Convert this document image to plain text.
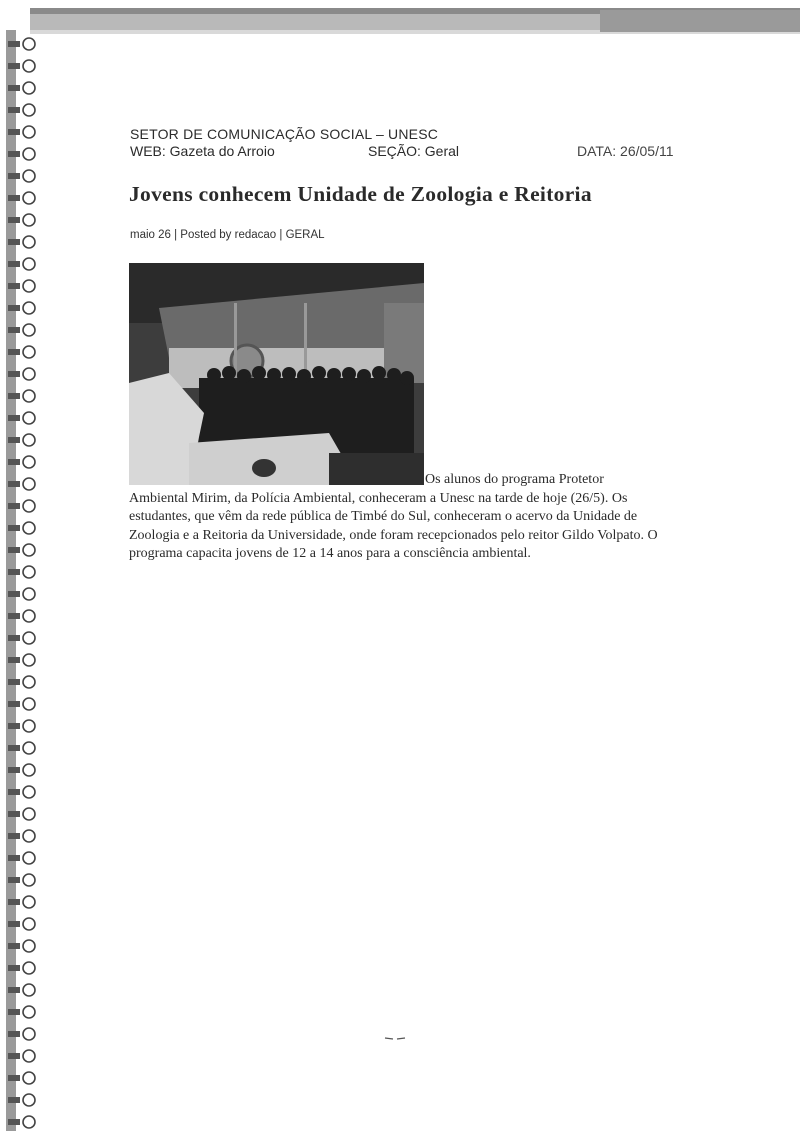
SETOR DE COMUNICAÇÃO SOCIAL – UNESC
WEB: Gazeta do Arroio	SEÇÃO: Geral	DATA: 26/05/11
Jovens conhecem Unidade de Zoologia e Reitoria
maio 26 | Posted by redacao | GERAL
Os alunos do programa Protetor
Ambiental Mirim, da Polícia Ambiental, conheceram a Unesc na tarde de hoje (26/5). Os estudantes, que vêm da rede pública de Timbé do Sul, conheceram o acervo da Unidade de Zoologia e a Reitoria da Universidade, onde foram recepcionados pelo reitor Gildo Volpato. O programa capacita jovens de 12 a 14 anos para a consciência ambiental.
